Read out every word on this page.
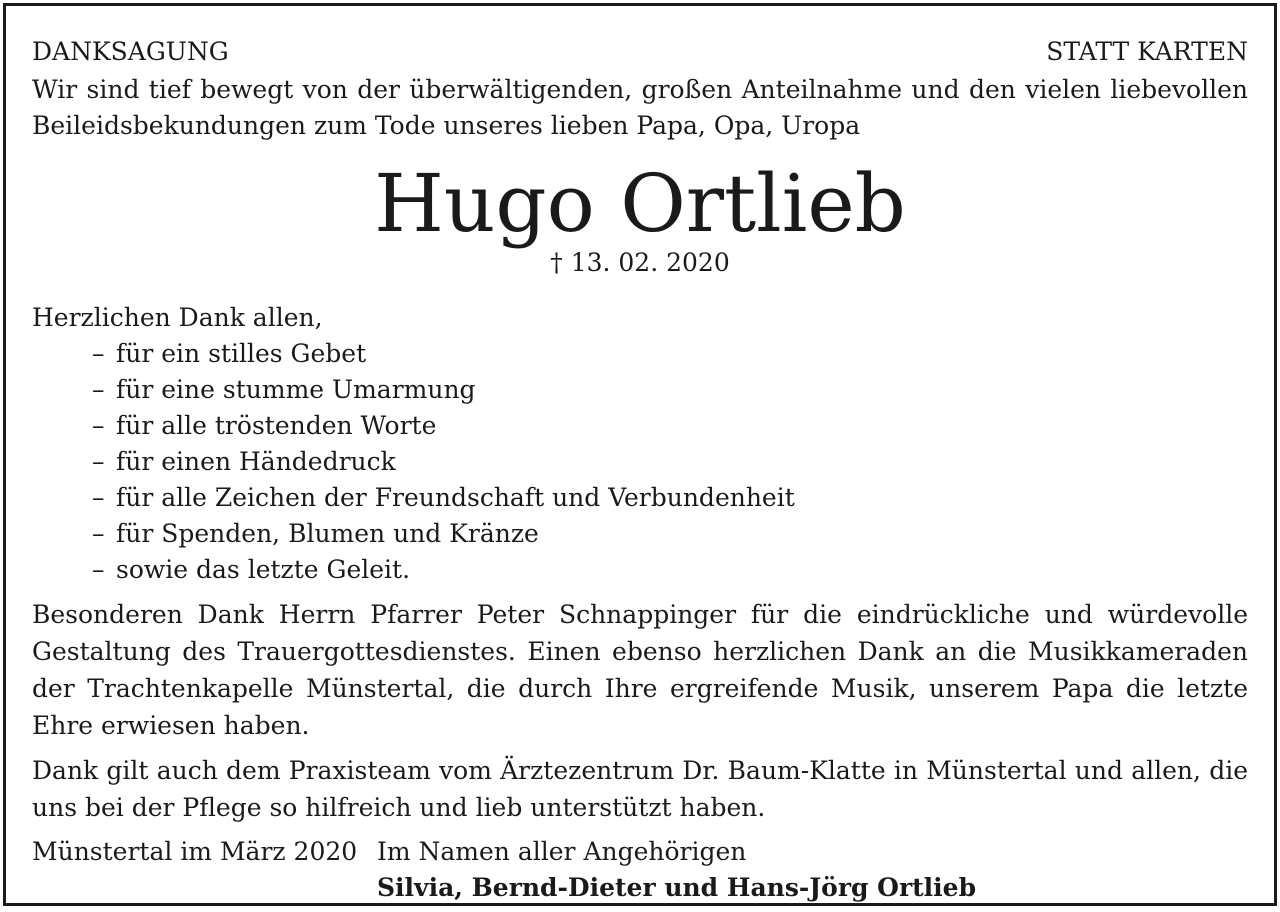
DANKSAGUNG	STATT KARTEN

Wir sind tief bewegt von der überwältigenden, großen Anteilnahme und den vielen liebevollen Beileidsbekundungen zum Tode unseres lieben Papa, Opa, Uropa

Hugo Ortlieb
† 13. 02. 2020
Herzlichen Dank allen,
– für ein stilles Gebet
– für eine stumme Umarmung
– für alle tröstenden Worte
– für einen Händedruck
– für alle Zeichen der Freundschaft und Verbundenheit
– für Spenden, Blumen und Kränze
– sowie das letzte Geleit.

Besonderen Dank Herrn Pfarrer Peter Schnappinger für die eindrückliche und würdevolle Gestaltung des Trauergottesdienstes. Einen ebenso herzlichen Dank an die Musikkameraden der Trachtenkapelle Münstertal, die durch Ihre ergreifende Musik, unserem Papa die letzte Ehre erwiesen haben.

Dank gilt auch dem Praxisteam vom Ärztezentrum Dr. Baum-Klatte in Münstertal und allen, die uns bei der Pflege so hilfreich und lieb unterstützt haben.

Münstertal im März 2020 Im Namen aller Angehörigen
Silvia, Bernd-Dieter und Hans-Jörg Ortlieb
